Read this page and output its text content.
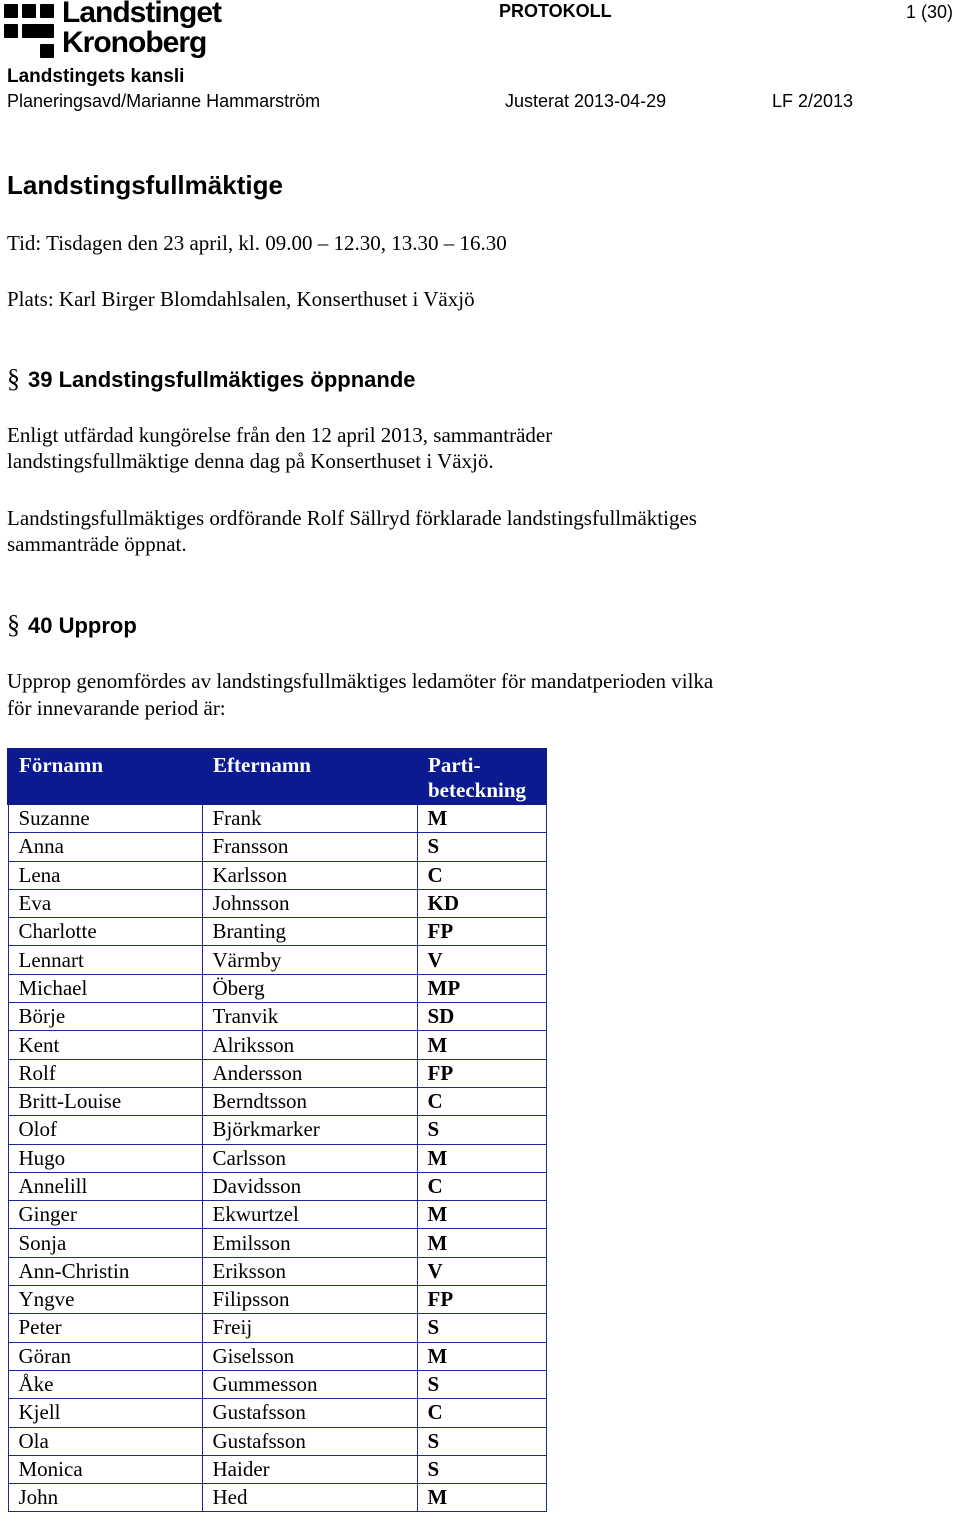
Landstinget
Kronoberg
PROTOKOLL	1 (30)
Landstingets kansli
Planeringsavd/Marianne Hammarström	Justerat 2013-04-29	LF 2/2013
Landstingsfullmäktige
Tid: Tisdagen den 23 april, kl. 09.00 – 12.30, 13.30 – 16.30
Plats: Karl Birger Blomdahlsalen, Konserthuset i Växjö
§ 39 Landstingsfullmäktiges öppnande
Enligt utfärdad kungörelse från den 12 april 2013, sammanträder
landstingsfullmäktige denna dag på Konserthuset i Växjö.
Landstingsfullmäktiges ordförande Rolf Sällryd förklarade landstingsfullmäktiges
sammanträde öppnat.
§ 40 Upprop
Upprop genomfördes av landstingsfullmäktiges ledamöter för mandatperioden vilka
för innevarande period är:
Förnamn	Efternamn	Parti-
beteckning
Suzanne	Frank	M
Anna	Fransson	S
Lena	Karlsson	C
Eva	Johnsson	KD
Charlotte	Branting	FP
Lennart	Värmby	V
Michael	Öberg	MP
Börje	Tranvik	SD
Kent	Alriksson	M
Rolf	Andersson	FP
Britt-Louise	Berndtsson	C
Olof	Björkmarker	S
Hugo	Carlsson	M
Annelill	Davidsson	C
Ginger	Ekwurtzel	M
Sonja	Emilsson	M
Ann-Christin	Eriksson	V
Yngve	Filipsson	FP
Peter	Freij	S
Göran	Giselsson	M
Åke	Gummesson	S
Kjell	Gustafsson	C
Ola	Gustafsson	S
Monica	Haider	S
John	Hed	M
